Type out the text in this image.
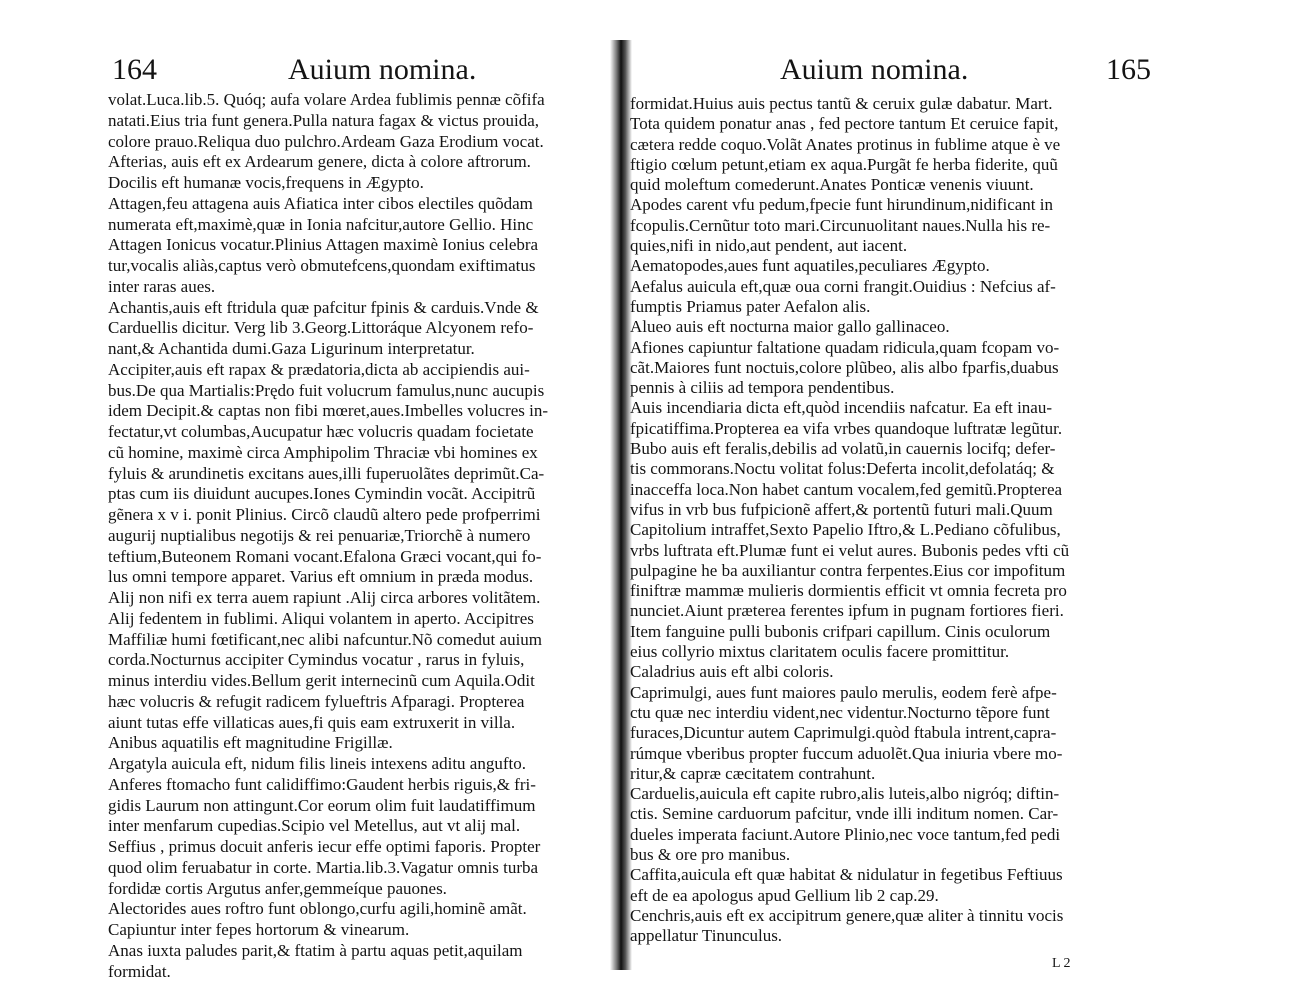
164	Auium nomina.
volat.Luca.lib.5. Quóq; aufa volare Ardea fublimis pennæ cõfifa
natati.Eius tria funt genera.Pulla natura fagax & victus prouida,
colore prauo.Reliqua duo pulchro.Ardeam Gaza Erodium vocat.
Afterias, auis eft ex Ardearum genere, dicta à colore aftrorum.
Docilis eft humanæ vocis,frequens in Ægypto.
Attagen,feu attagena auis Afiatica inter cibos electiles quõdam
numerata eft,maximè,quæ in Ionia nafcitur,autore Gellio. Hinc
Attagen Ionicus vocatur.Plinius Attagen maximè Ionius celebra
tur,vocalis aliàs,captus verò obmutefcens,quondam exiftimatus
inter raras aues.
Achantis,auis eft ftridula quæ pafcitur fpinis & carduis.Vnde &
Carduellis dicitur. Verg lib 3.Georg.Littoráque Alcyonem refo-
nant,& Achantida dumi.Gaza Ligurinum interpretatur.
Accipiter,auis eft rapax & prædatoria,dicta ab accipiendis aui-
bus.De qua Martialis:Prędo fuit volucrum famulus,nunc aucupis
idem Decipit.& captas non fibi mœret,aues.Imbelles volucres in-
fectatur,vt columbas,Aucupatur hæc volucris quadam focietate
cũ homine, maximè circa Amphipolim Thraciæ vbi homines ex
fyluis & arundinetis excitans aues,illi fuperuolãtes deprimũt.Ca-
ptas cum iis diuidunt aucupes.Iones Cymindin vocãt. Accipitrũ
gẽnera x v i. ponit Plinius. Circõ claudũ altero pede profperrimi
augurij nuptialibus negotijs & rei penuariæ,Triorchẽ à numero
teftium,Buteonem Romani vocant.Efalona Græci vocant,qui fo-
lus omni tempore apparet. Varius eft omnium in præda modus.
Alij non nifi ex terra auem rapiunt .Alij circa arbores volitãtem.
Alij fedentem in fublimi. Aliqui volantem in aperto. Accipitres
Maffiliæ humi fœtificant,nec alibi nafcuntur.Nõ comedut auium
corda.Nocturnus accipiter Cymindus vocatur , rarus in fyluis,
minus interdiu vides.Bellum gerit internecinũ cum Aquila.Odit
hæc volucris & refugit radicem fylueftris Afparagi. Propterea
aiunt tutas effe villaticas aues,fi quis eam extruxerit in villa.
Anibus aquatilis eft magnitudine Frigillæ.
Argatyla auicula eft, nidum filis lineis intexens aditu angufto.
Anferes ftomacho funt calidiffimo:Gaudent herbis riguis,& fri-
gidis Laurum non attingunt.Cor eorum olim fuit laudatiffimum
inter menfarum cupedias.Scipio vel Metellus, aut vt alij mal.
Seffius , primus docuit anferis iecur effe optimi faporis. Propter
quod olim feruabatur in corte. Martia.lib.3.Vagatur omnis turba
fordidæ cortis Argutus anfer,gemmeíque pauones.
Alectorides aues roftro funt oblongo,curfu agili,hominẽ amãt.
Capiuntur inter fepes hortorum & vinearum.
Anas iuxta paludes parit,& ftatim à partu aquas petit,aquilam
formidat.
Auium nomina.	165
formidat.Huius auis pectus tantũ & ceruix gulæ dabatur. Mart.
Tota quidem ponatur anas , fed pectore tantum Et ceruice fapit,
cætera redde coquo.Volãt Anates protinus in fublime atque è ve
ftigio cœlum petunt,etiam ex aqua.Purgãt fe herba fiderite, quũ
quid moleftum comederunt.Anates Ponticæ venenis viuunt.
Apodes carent vfu pedum,fpecie funt hirundinum,nidificant in
fcopulis.Cernũtur toto mari.Circunuolitant naues.Nulla his re-
quies,nifi in nido,aut pendent, aut iacent.
Aematopodes,aues funt aquatiles,peculiares Ægypto.
Aefalus auicula eft,quæ oua corni frangit.Ouidius : Nefcius af-
fumptis Priamus pater Aefalon alis.
Alueo auis eft nocturna maior gallo gallinaceo.
Afiones capiuntur faltatione quadam ridicula,quam fcopam vo-
cãt.Maiores funt noctuis,colore plũbeo, alis albo fparfis,duabus
pennis à ciliis ad tempora pendentibus.
Auis incendiaria dicta eft,quòd incendiis nafcatur. Ea eft inau-
fpicatiffima.Propterea ea vifa vrbes quandoque luftratæ legũtur.
Bubo auis eft feralis,debilis ad volatũ,in cauernis locifq; defer-
tis commorans.Noctu volitat folus:Deferta incolit,defolatáq; &
inacceffa loca.Non habet cantum vocalem,fed gemitũ.Propterea
vifus in vrb bus fufpicionẽ affert,& portentũ futuri mali.Quum
Capitolium intraffet,Sexto Papelio Iftro,& L.Pediano cõfulibus,
vrbs luftrata eft.Plumæ funt ei velut aures. Bubonis pedes vfti cũ
pulpagine he ba auxiliantur contra ferpentes.Eius cor impofitum
finiftræ mammæ mulieris dormientis efficit vt omnia fecreta pro
nunciet.Aiunt præterea ferentes ipfum in pugnam fortiores fieri.
Item fanguine pulli bubonis crifpari capillum. Cinis oculorum
eius collyrio mixtus claritatem oculis facere promittitur.
Caladrius auis eft albi coloris.
Caprimulgi, aues funt maiores paulo merulis, eodem ferè afpe-
ctu quæ nec interdiu vident,nec videntur.Nocturno tẽpore funt
furaces,Dicuntur autem Caprimulgi.quòd ftabula intrent,capra-
rúmque vberibus propter fuccum aduolẽt.Qua iniuria vbere mo-
ritur,& capræ cæcitatem contrahunt.
Carduelis,auicula eft capite rubro,alis luteis,albo nigróq; diftin-
ctis. Semine carduorum pafcitur, vnde illi inditum nomen. Car-
dueles imperata faciunt.Autore Plinio,nec voce tantum,fed pedi
bus & ore pro manibus.
Caffita,auicula eft quæ habitat & nidulatur in fegetibus Feftiuus
eft de ea apologus apud Gellium lib 2 cap.29.
Cenchris,auis eft ex accipitrum genere,quæ aliter à tinnitu vocis
appellatur Tinunculus.
L 2
